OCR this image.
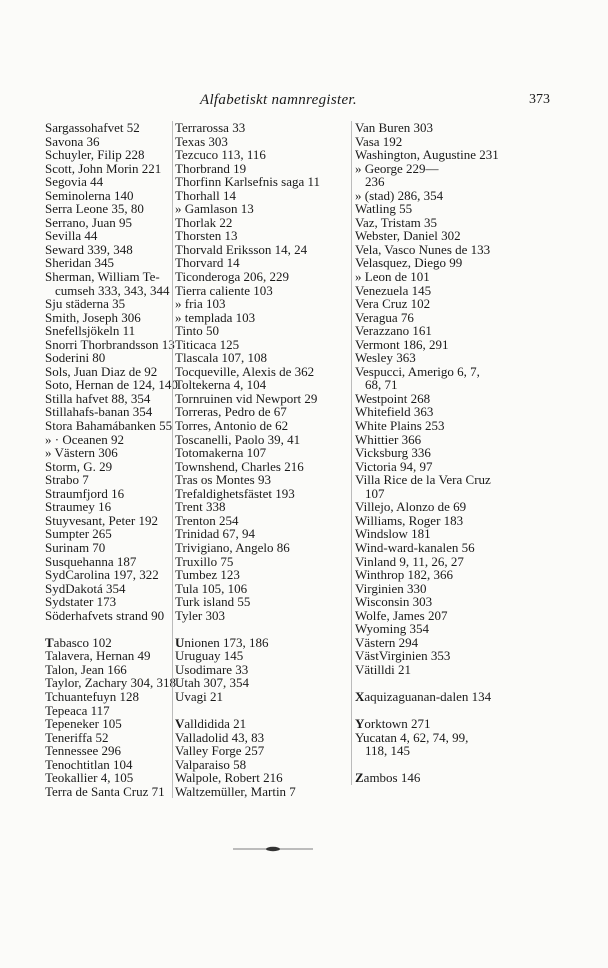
Alfabetiskt namnregister.	373
Sargassohafvet 52
Savona 36
Schuyler, Filip 228
Scott, John Morin 221
Segovia 44
Seminolerna 140
Serra Leone 35, 80
Serrano, Juan 95
Sevilla 44
Seward 339, 348
Sheridan 345
Sherman, William Te-
cumseh 333, 343, 344
Sju städerna 35
Smith, Joseph 306
Snefellsjökeln 11
Snorri Thorbrandsson 13
Soderini 80
Sols, Juan Diaz de 92
Soto, Hernan de 124, 140
Stilla hafvet 88, 354
Stillahafs-banan 354
Stora Bahamábanken 55
» · Oceanen 92
» Västern 306
Storm, G. 29
Strabo 7
Straumfjord 16
Straumey 16
Stuyvesant, Peter 192
Sumpter 265
Surinam 70
Susquehanna 187
SydCarolina 197, 322
SydDakotá 354
Sydstater 173
Söderhafvets strand 90
Tabasco 102
Talavera, Hernan 49
Talon, Jean 166
Taylor, Zachary 304, 318
Tchuantefuyn 128
Tepeaca 117
Tepeneker 105
Teneriffa 52
Tennessee 296
Tenochtitlan 104
Teokallier 4, 105
Terra de Santa Cruz 71
Terrarossa 33
Texas 303
Tezcuco 113, 116
Thorbrand 19
Thorfinn Karlsefnis saga 11
Thorhall 14
» Gamlason 13
Thorlak 22
Thorsten 13
Thorvald Eriksson 14, 24
Thorvard 14
Ticonderoga 206, 229
Tierra caliente 103
» fria 103
» templada 103
Tinto 50
Titicaca 125
Tlascala 107, 108
Tocqueville, Alexis de 362
Toltekerna 4, 104
Tornruinen vid Newport 29
Torreras, Pedro de 67
Torres, Antonio de 62
Toscanelli, Paolo 39, 41
Totomakerna 107
Townshend, Charles 216
Tras os Montes 93
Trefaldighetsfästet 193
Trent 338
Trenton 254
Trinidad 67, 94
Trivigiano, Angelo 86
Truxillo 75
Tumbez 123
Tula 105, 106
Turk island 55
Tyler 303
Unionen 173, 186
Uruguay 145
Usodimare 33
Utah 307, 354
Uvagi 21
Valldidida 21
Valladolid 43, 83
Valley Forge 257
Valparaiso 58
Walpole, Robert 216
Waltzemüller, Martin 7
Van Buren 303
Vasa 192
Washington, Augustine 231
» George 229—
236
» (stad) 286, 354
Watling 55
Vaz, Tristam 35
Webster, Daniel 302
Vela, Vasco Nunes de 133
Velasquez, Diego 99
» Leon de 101
Venezuela 145
Vera Cruz 102
Veragua 76
Verazzano 161
Vermont 186, 291
Wesley 363
Vespucci, Amerigo 6, 7,
68, 71
Westpoint 268
Whitefield 363
White Plains 253
Whittier 366
Vicksburg 336
Victoria 94, 97
Villa Rice de la Vera Cruz
107
Villejo, Alonzo de 69
Williams, Roger 183
Windslow 181
Wind-ward-kanalen 56
Vinland 9, 11, 26, 27
Winthrop 182, 366
Virginien 330
Wisconsin 303
Wolfe, James 207
Wyoming 354
Västern 294
VästVirginien 353
Vätilldi 21
Xaquizaguanan-dalen 134
Yorktown 271
Yucatan 4, 62, 74, 99,
118, 145
Zambos 146
